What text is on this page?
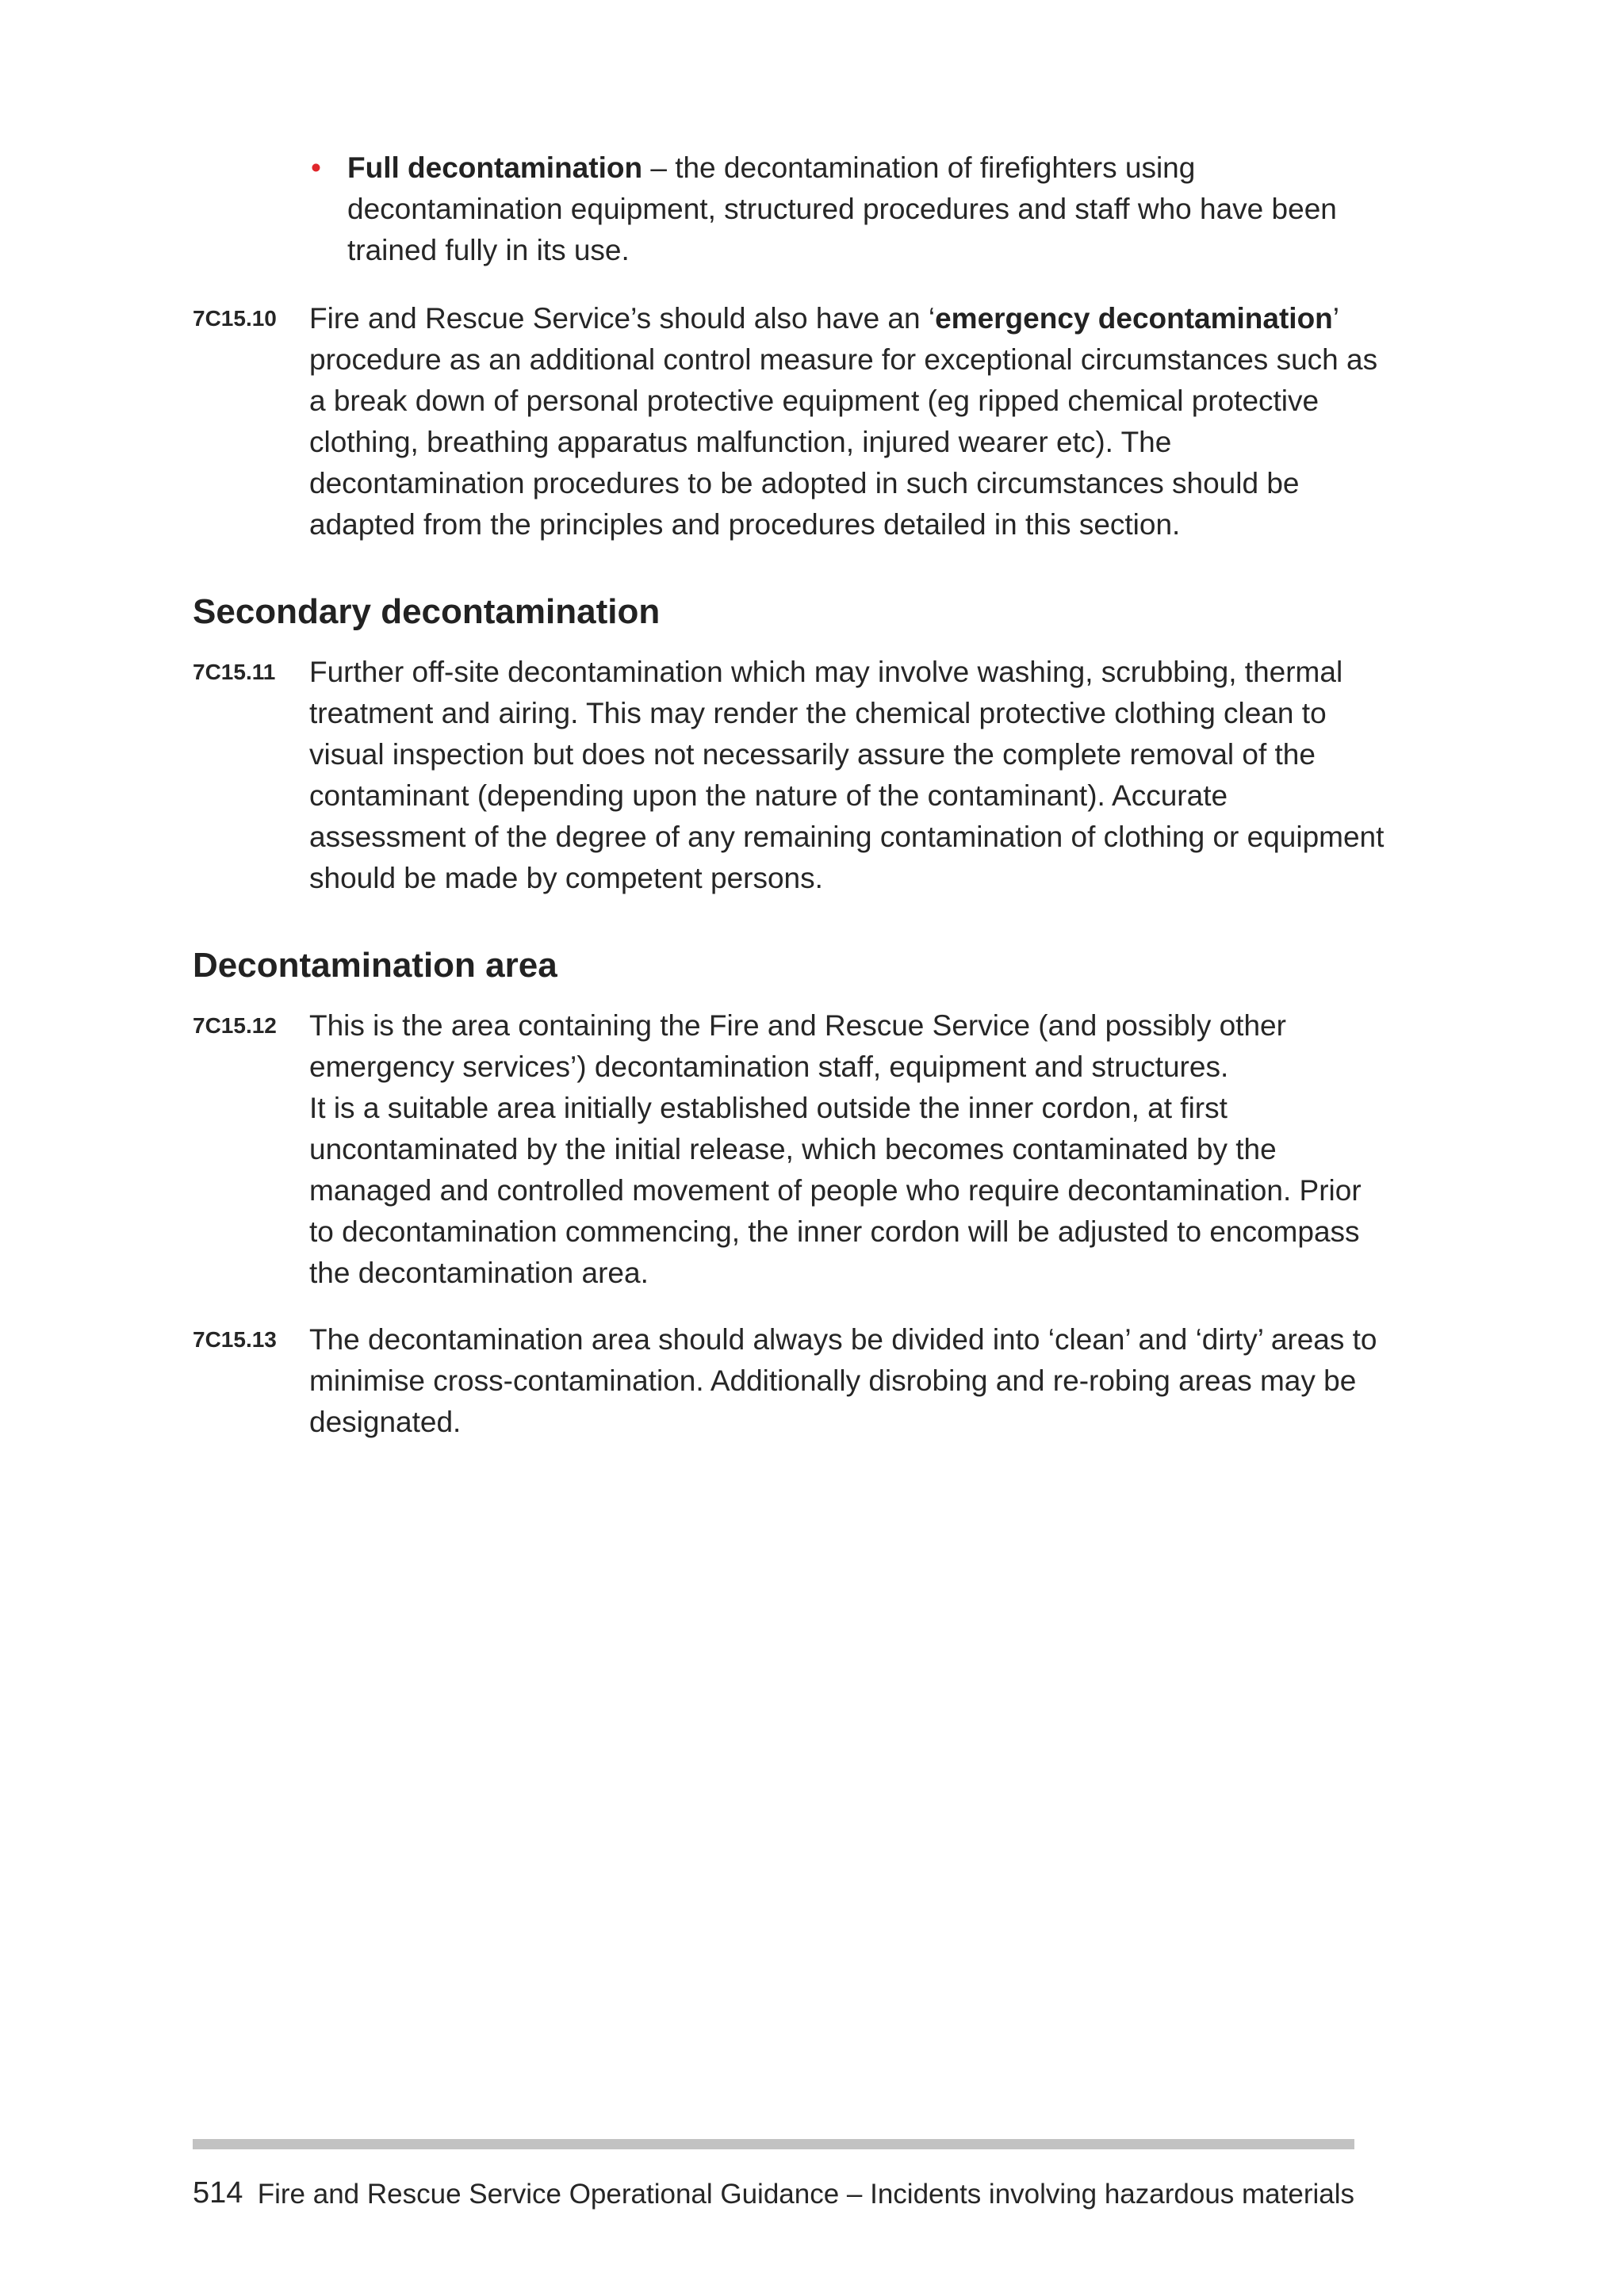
• Full decontamination – the decontamination of firefighters using decontamination equipment, structured procedures and staff who have been trained fully in its use.
7C15.10 Fire and Rescue Service’s should also have an ‘emergency decontamination’ procedure as an additional control measure for exceptional circumstances such as a break down of personal protective equipment (eg ripped chemical protective clothing, breathing apparatus malfunction, injured wearer etc). The decontamination procedures to be adopted in such circumstances should be adapted from the principles and procedures detailed in this section.
Secondary decontamination
7C15.11 Further off-site decontamination which may involve washing, scrubbing, thermal treatment and airing. This may render the chemical protective clothing clean to visual inspection but does not necessarily assure the complete removal of the contaminant (depending upon the nature of the contaminant). Accurate assessment of the degree of any remaining contamination of clothing or equipment should be made by competent persons.
Decontamination area
7C15.12 This is the area containing the Fire and Rescue Service (and possibly other emergency services’) decontamination staff, equipment and structures.
It is a suitable area initially established outside the inner cordon, at first uncontaminated by the initial release, which becomes contaminated by the managed and controlled movement of people who require decontamination. Prior to decontamination commencing, the inner cordon will be adjusted to encompass the decontamination area.
7C15.13 The decontamination area should always be divided into ‘clean’ and ‘dirty’ areas to minimise cross-contamination. Additionally disrobing and re-robing areas may be designated.
514 Fire and Rescue Service Operational Guidance – Incidents involving hazardous materials
